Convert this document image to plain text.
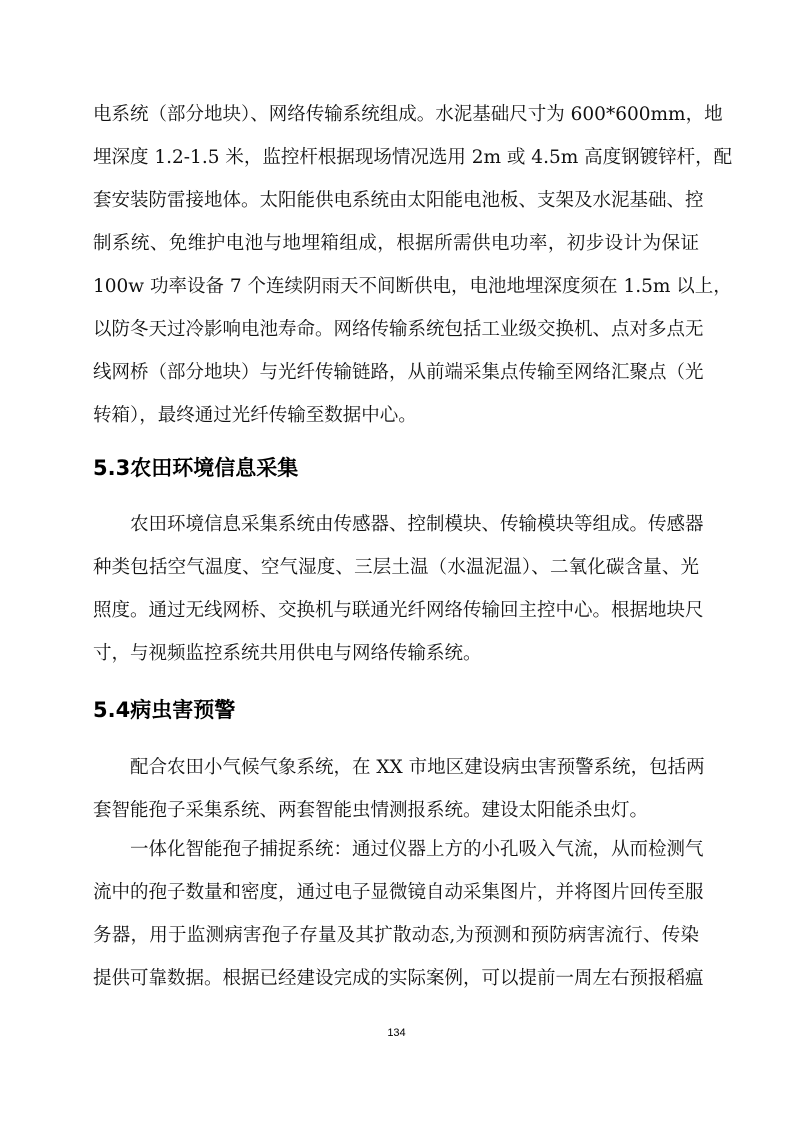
电系统（部分地块）、网络传输系统组成。水泥基础尺寸为 600*600mm，地
埋深度 1.2-1.5 米，监控杆根据现场情况选用 2m 或 4.5m 高度钢镀锌杆，配
套安装防雷接地体。太阳能供电系统由太阳能电池板、支架及水泥基础、控
制系统、免维护电池与地埋箱组成，根据所需供电功率，初步设计为保证
100w 功率设备 7 个连续阴雨天不间断供电，电池地埋深度须在 1.5m 以上，
以防冬天过冷影响电池寿命。网络传输系统包括工业级交换机、点对多点无
线网桥（部分地块）与光纤传输链路，从前端采集点传输至网络汇聚点（光
转箱），最终通过光纤传输至数据中心。
5.3农田环境信息采集
　　农田环境信息采集系统由传感器、控制模块、传输模块等组成。传感器
种类包括空气温度、空气湿度、三层土温（水温泥温）、二氧化碳含量、光
照度。通过无线网桥、交换机与联通光纤网络传输回主控中心。根据地块尺
寸，与视频监控系统共用供电与网络传输系统。
5.4病虫害预警
　　配合农田小气候气象系统，在 XX 市地区建设病虫害预警系统，包括两
套智能孢子采集系统、两套智能虫情测报系统。建设太阳能杀虫灯。
　　一体化智能孢子捕捉系统：通过仪器上方的小孔吸入气流，从而检测气
流中的孢子数量和密度，通过电子显微镜自动采集图片，并将图片回传至服
务器，用于监测病害孢子存量及其扩散动态,为预测和预防病害流行、传染
提供可靠数据。根据已经建设完成的实际案例，可以提前一周左右预报稻瘟
134
